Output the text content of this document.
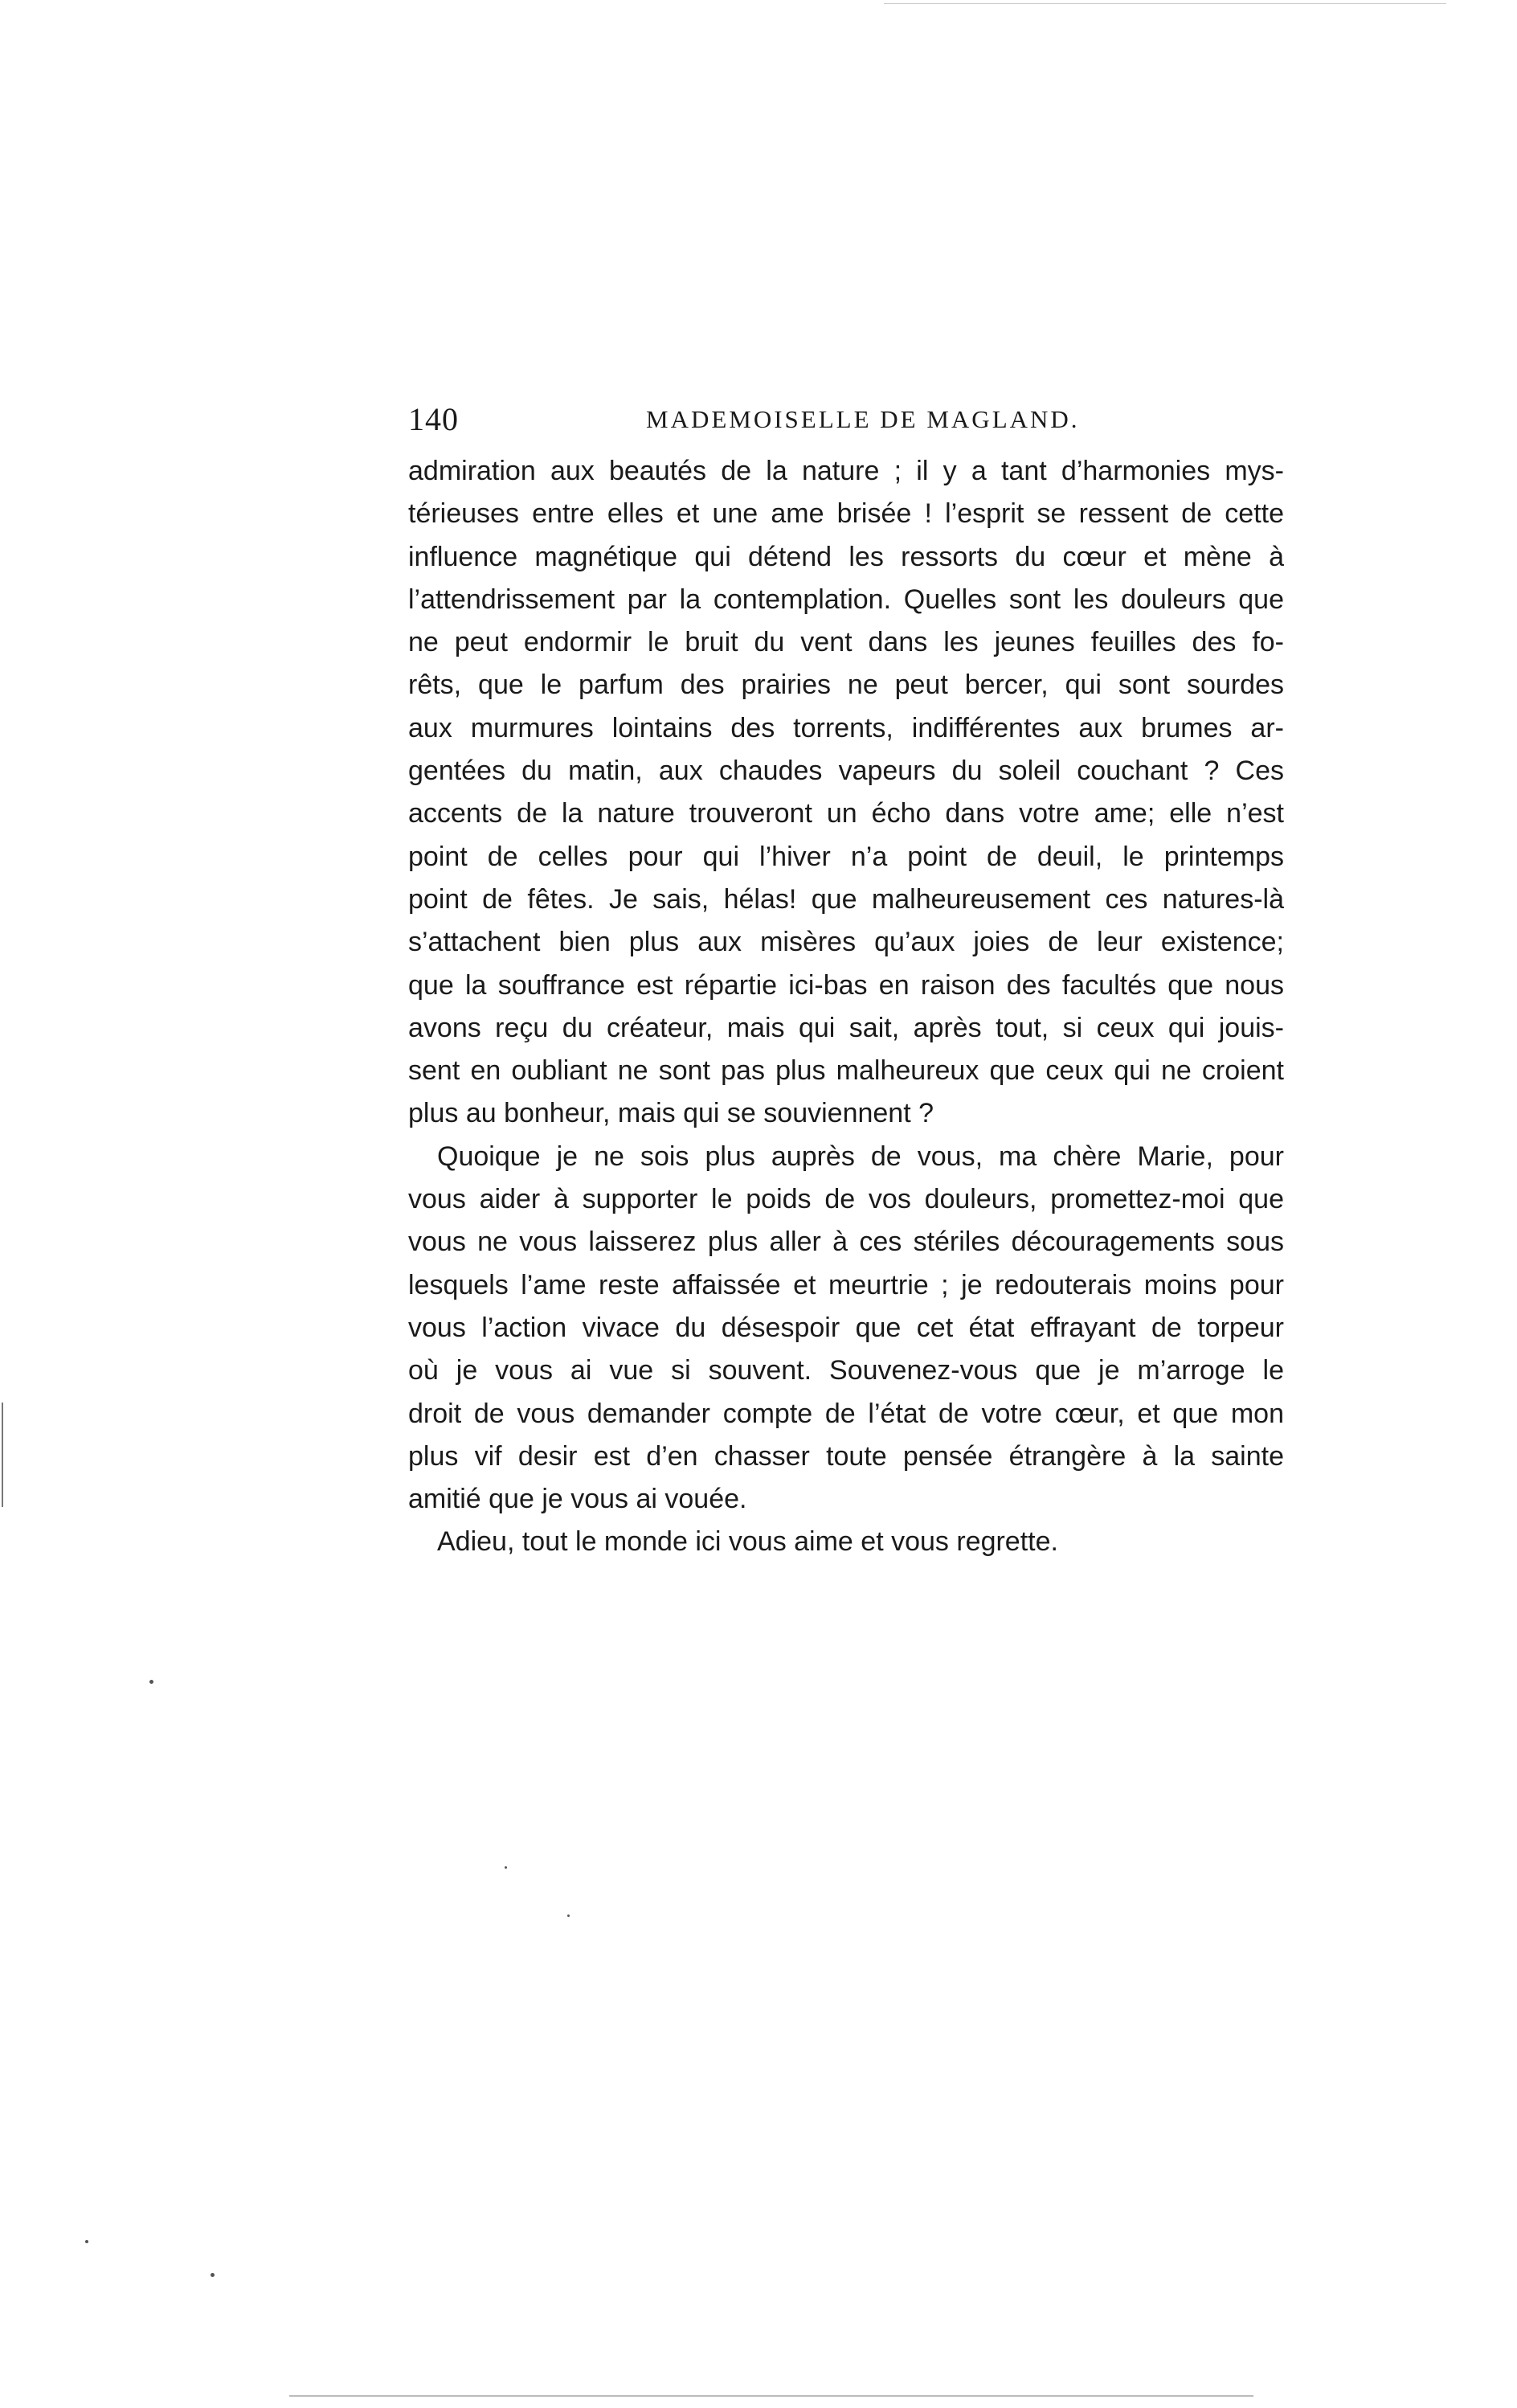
140	MADEMOISELLE DE MAGLAND.
admiration aux beautés de la nature ; il y a tant d’harmonies mys-
térieuses entre elles et une ame brisée ! l’esprit se ressent de cette
influence magnétique qui détend les ressorts du cœur et mène à
l’attendrissement par la contemplation. Quelles sont les douleurs que
ne peut endormir le bruit du vent dans les jeunes feuilles des fo-
rêts, que le parfum des prairies ne peut bercer, qui sont sourdes
aux murmures lointains des torrents, indifférentes aux brumes ar-
gentées du matin, aux chaudes vapeurs du soleil couchant ? Ces
accents de la nature trouveront un écho dans votre ame; elle n’est
point de celles pour qui l’hiver n’a point de deuil, le printemps
point de fêtes. Je sais, hélas! que malheureusement ces natures-là
s’attachent bien plus aux misères qu’aux joies de leur existence;
que la souffrance est répartie ici-bas en raison des facultés que nous
avons reçu du créateur, mais qui sait, après tout, si ceux qui jouis-
sent en oubliant ne sont pas plus malheureux que ceux qui ne croient
plus au bonheur, mais qui se souviennent ?
Quoique je ne sois plus auprès de vous, ma chère Marie, pour
vous aider à supporter le poids de vos douleurs, promettez-moi que
vous ne vous laisserez plus aller à ces stériles découragements sous
lesquels l’ame reste affaissée et meurtrie ; je redouterais moins pour
vous l’action vivace du désespoir que cet état effrayant de torpeur
où je vous ai vue si souvent. Souvenez-vous que je m’arroge le
droit de vous demander compte de l’état de votre cœur, et que mon
plus vif desir est d’en chasser toute pensée étrangère à la sainte
amitié que je vous ai vouée.
Adieu, tout le monde ici vous aime et vous regrette.
